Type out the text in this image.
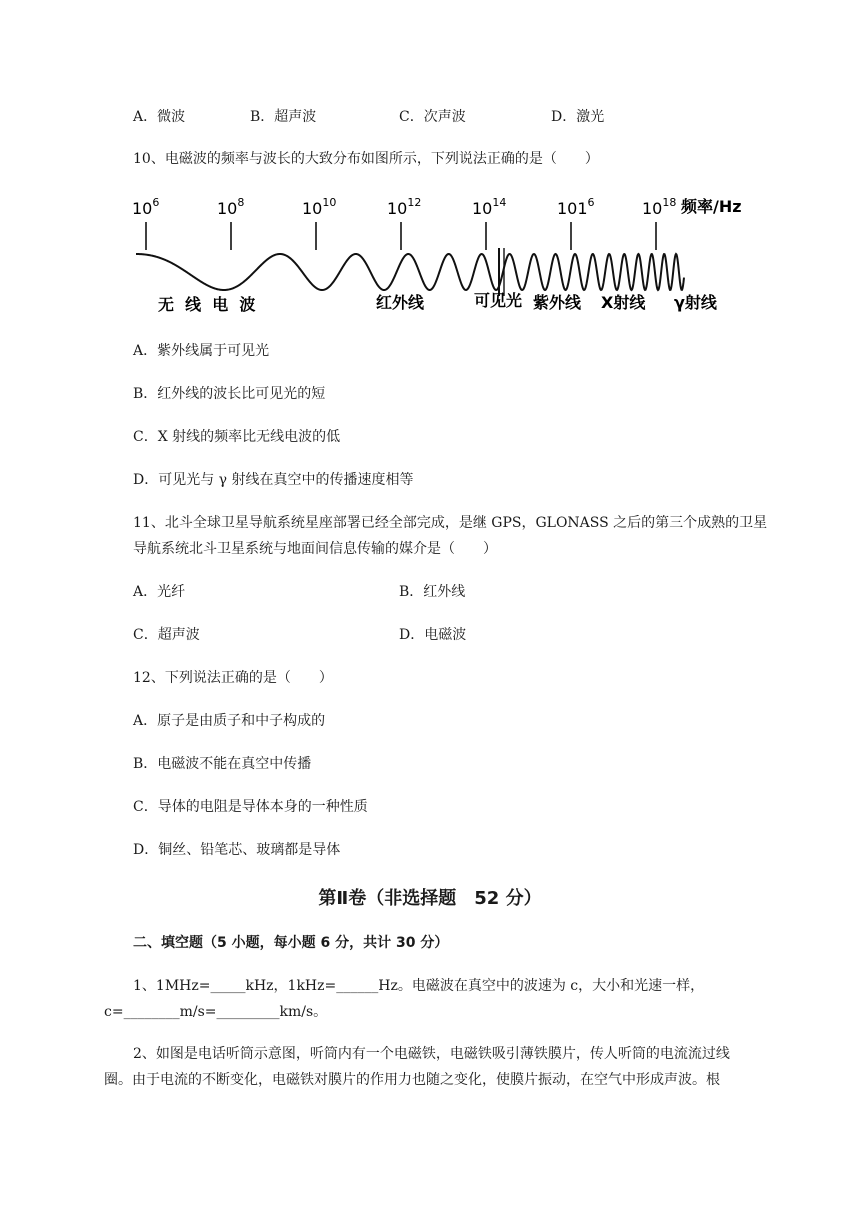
A．微波	B．超声波	C．次声波	D．激光
10、电磁波的频率与波长的大致分布如图所示，下列说法正确的是（　　）
$10^6$	$10^8$	$10^{10}$	$10^{12}$	$10^{14}$	$101^6$	$10^{18}$ 频率/Hz
无  线  电  波	红外线	可见光 紫外线 X射线 γ射线
A．紫外线属于可见光
B．红外线的波长比可见光的短
C．X 射线的频率比无线电波的低
D．可见光与 γ 射线在真空中的传播速度相等
11、北斗全球卫星导航系统星座部署已经全部完成，是继 GPS，GLONASS 之后的第三个成熟的卫星
导航系统北斗卫星系统与地面间信息传输的媒介是（　　）
A．光纤	B．红外线
C．超声波	D．电磁波
12、下列说法正确的是（　　）
A．原子是由质子和中子构成的
B．电磁波不能在真空中传播
C．导体的电阻是导体本身的一种性质
D．铜丝、铅笔芯、玻璃都是导体
第Ⅱ卷（非选择题　52 分）
二、填空题（5 小题，每小题 6 分，共计 30 分）
1、1MHz=_____kHz，1kHz=______Hz。电磁波在真空中的波速为 c，大小和光速一样，
c=________m/s=_________km/s。
2、如图是电话听筒示意图，听筒内有一个电磁铁，电磁铁吸引薄铁膜片，传人听筒的电流流过线
圈。由于电流的不断变化，电磁铁对膜片的作用力也随之变化，使膜片振动，在空气中形成声波。根
